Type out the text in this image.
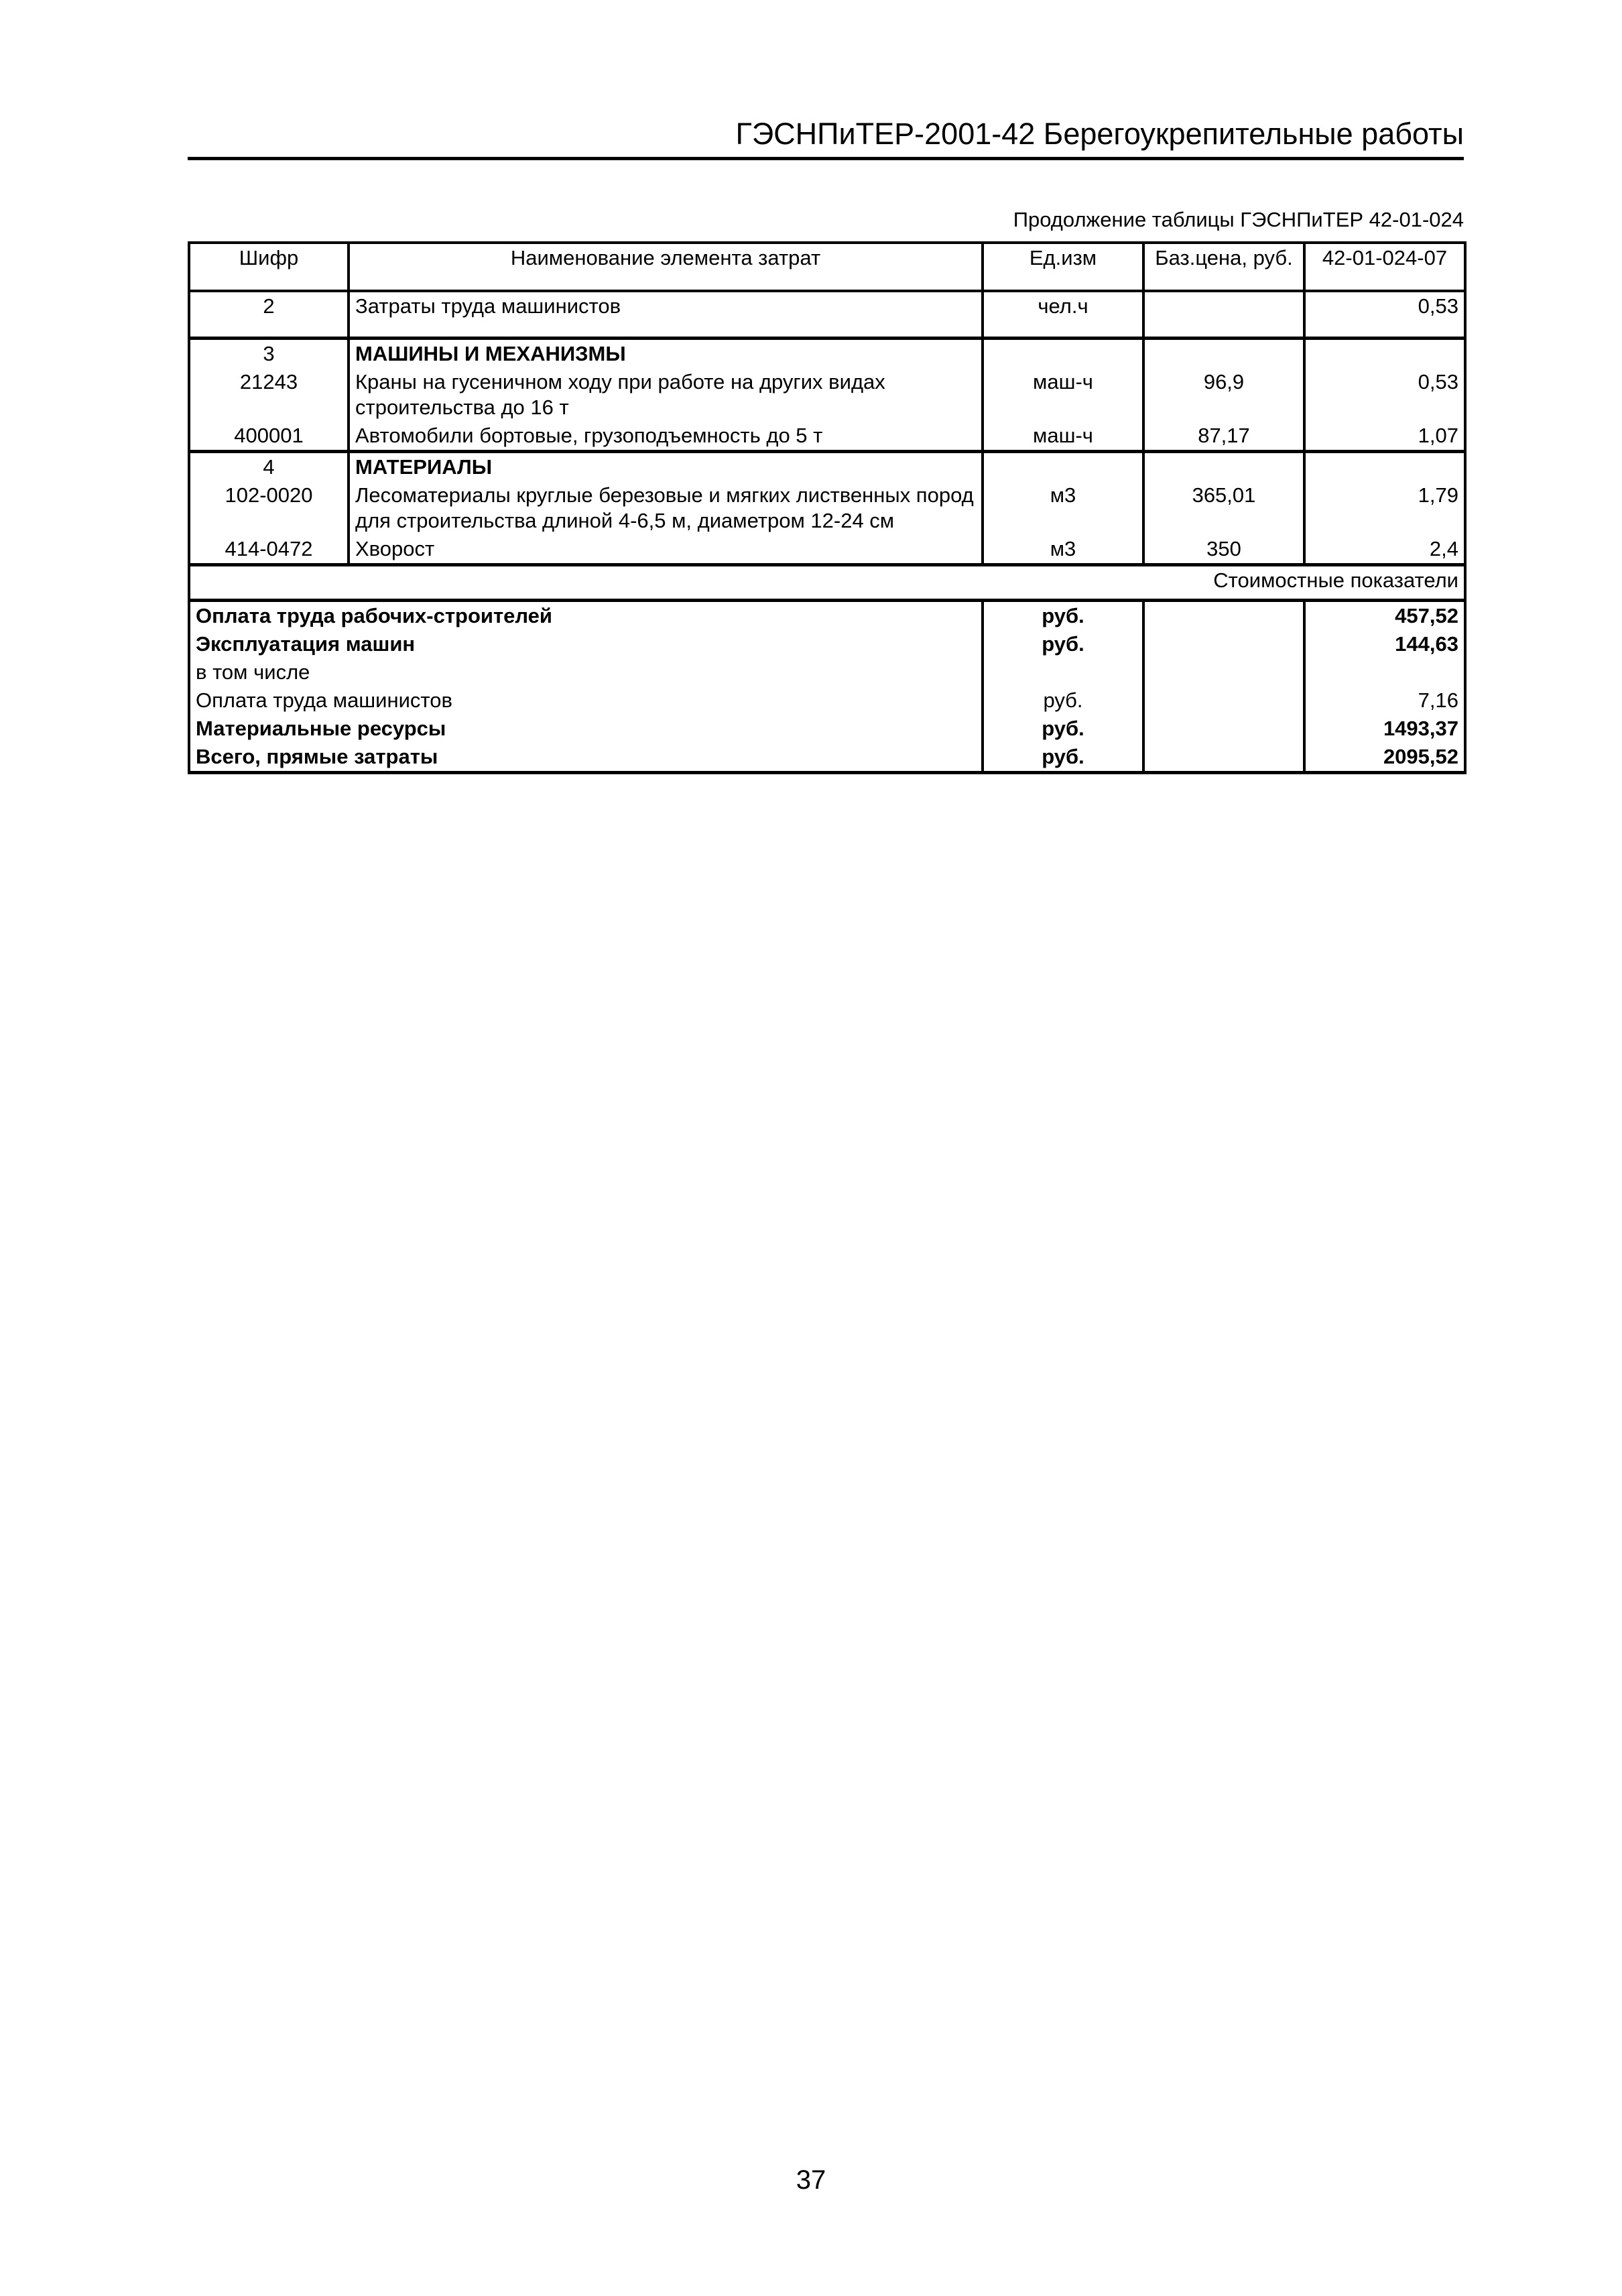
ГЭСНПиТЕР-2001-42 Берегоукрепительные работы
Продолжение таблицы ГЭСНПиТЕР 42-01-024
Шифр	Наименование элемента затрат	Ед.изм	Баз.цена, руб.	42-01-024-07
2	Затраты труда машинистов	чел.ч		0,53

3	МАШИНЫ И МЕХАНИЗМЫ			
21243	Краны на гусеничном ходу при работе на других видах строительства до 16 т	маш-ч	96,9	0,53
400001	Автомобили бортовые, грузоподъемность до 5 т	маш-ч	87,17	1,07
4	МАТЕРИАЛЫ			
102-0020	Лесоматериалы круглые березовые и мягких лиственных пород для строительства длиной 4-6,5 м, диаметром 12-24 см	м3	365,01	1,79
414-0472	Хворост	м3	350	2,4
Стоимостные показатели				
Оплата труда рабочих-строителей		руб.		457,52
Эксплуатация машин		руб.		144,63
в том числе				
Оплата труда машинистов		руб.		7,16
Материальные ресурсы		руб.		1493,37
Всего, прямые затраты		руб.		2095,52
37
